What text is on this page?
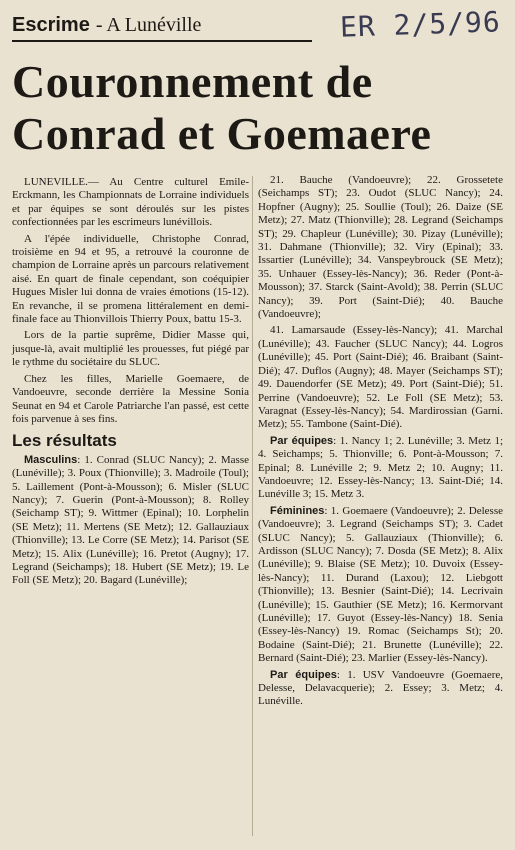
Escrime - A Lunéville	ER 2/5/96
Couronnement de
Conrad et Goemaere

LUNEVILLE.— Au Centre culturel Emile-Erckmann, les Championnats de Lorraine individuels et par équipes se sont déroulés sur les pistes confectionnées par les escrimeurs lunévillois.

A l'épée individuelle, Christophe Conrad, troisième en 94 et 95, a retrouvé la couronne de champion de Lorraine après un parcours relativement aisé. En quart de finale cependant, son coéquipier Hugues Misler lui donna de vraies émotions (15-12). En revanche, il se promena littéralement en demi-finale face au Thionvillois Thierry Poux, battu 15-3.

Lors de la partie suprême, Didier Masse qui, jusque-là, avait multiplié les prouesses, fut piégé par le rythme du sociétaire du SLUC.

Chez les filles, Marielle Goemaere, de Vandoeuvre, seconde derrière la Messine Sonia Seunat en 94 et Carole Patriarche l'an passé, est cette fois parvenue à ses fins.

Les résultats

Masculins: 1. Conrad (SLUC Nancy); 2. Masse (Lunéville); 3. Poux (Thionville); 3. Madroile (Toul); 5. Laillement (Pont-à-Mousson); 6. Misler (SLUC Nancy); 7. Guerin (Pont-à-Mousson); 8. Rolley (Seichamp ST); 9. Wittmer (Epinal); 10. Lorphelin (SE Metz); 11. Mertens (SE Metz); 12. Gallauziaux (Thionville); 13. Le Corre (SE Metz); 14. Parisot (SE Metz); 15. Alix (Lunéville); 16. Pretot (Augny); 17. Legrand (Seichamps); 18. Hubert (SE Metz); 19. Le Foll (SE Metz); 20. Bagard (Lunéville);

21. Bauche (Vandoeuvre); 22. Grossetete (Seichamps ST); 23. Oudot (SLUC Nancy); 24. Hopfner (Augny); 25. Soullie (Toul); 26. Daize (SE Metz); 27. Matz (Thionville); 28. Legrand (Seichamps ST); 29. Chapleur (Lunéville); 30. Pizay (Lunéville); 31. Dahmane (Thionville); 32. Viry (Epinal); 33. Issartier (Lunéville); 34. Vanspeybrouck (SE Metz); 35. Unhauer (Essey-lès-Nancy); 36. Reder (Pont-à-Mousson); 37. Starck (Saint-Avold); 38. Perrin (SLUC Nancy); 39. Port (Saint-Dié); 40. Bauche (Vandoeuvre);

41. Lamarsaude (Essey-lès-Nancy); 41. Marchal (Lunéville); 43. Faucher (SLUC Nancy); 44. Logros (Lunéville); 45. Port (Saint-Dié); 46. Braibant (Saint-Dié); 47. Duflos (Augny); 48. Mayer (Seichamps ST); 49. Dauendorfer (SE Metz); 49. Port (Saint-Dié); 51. Perrine (Vandoeuvre); 52. Le Foll (SE Metz); 53. Varagnat (Essey-lès-Nancy); 54. Mardirossian (Garni. Metz); 55. Tambone (Saint-Dié).

Par équipes: 1. Nancy 1; 2. Lunéville; 3. Metz 1; 4. Seichamps; 5. Thionville; 6. Pont-à-Mousson; 7. Epinal; 8. Lunéville 2; 9. Metz 2; 10. Augny; 11. Vandoeuvre; 12. Essey-lès-Nancy; 13. Saint-Dié; 14. Lunéville 3; 15. Metz 3.

Féminines: 1. Goemaere (Vandoeuvre); 2. Delesse (Vandoeuvre); 3. Legrand (Seichamps ST); 3. Cadet (SLUC Nancy); 5. Gallauziaux (Thionville); 6. Ardisson (SLUC Nancy); 7. Dosda (SE Metz); 8. Alix (Lunéville); 9. Blaise (SE Metz); 10. Duvoix (Essey-lès-Nancy); 11. Durand (Laxou); 12. Liebgott (Thionville); 13. Besnier (Saint-Dié); 14. Lecrivain (Lunéville); 15. Gauthier (SE Metz); 16. Kermorvant (Lunéville); 17. Guyot (Essey-lès-Nancy) 18. Senia (Essey-lès-Nancy) 19. Romac (Seichamps St); 20. Bodaine (Saint-Dié); 21. Brunette (Lunéville); 22. Bernard (Saint-Dié); 23. Marlier (Essey-lès-Nancy).

Par équipes: 1. USV Vandoeuvre (Goemaere, Delesse, Delavacquerie); 2. Essey; 3. Metz; 4. Lunéville.
